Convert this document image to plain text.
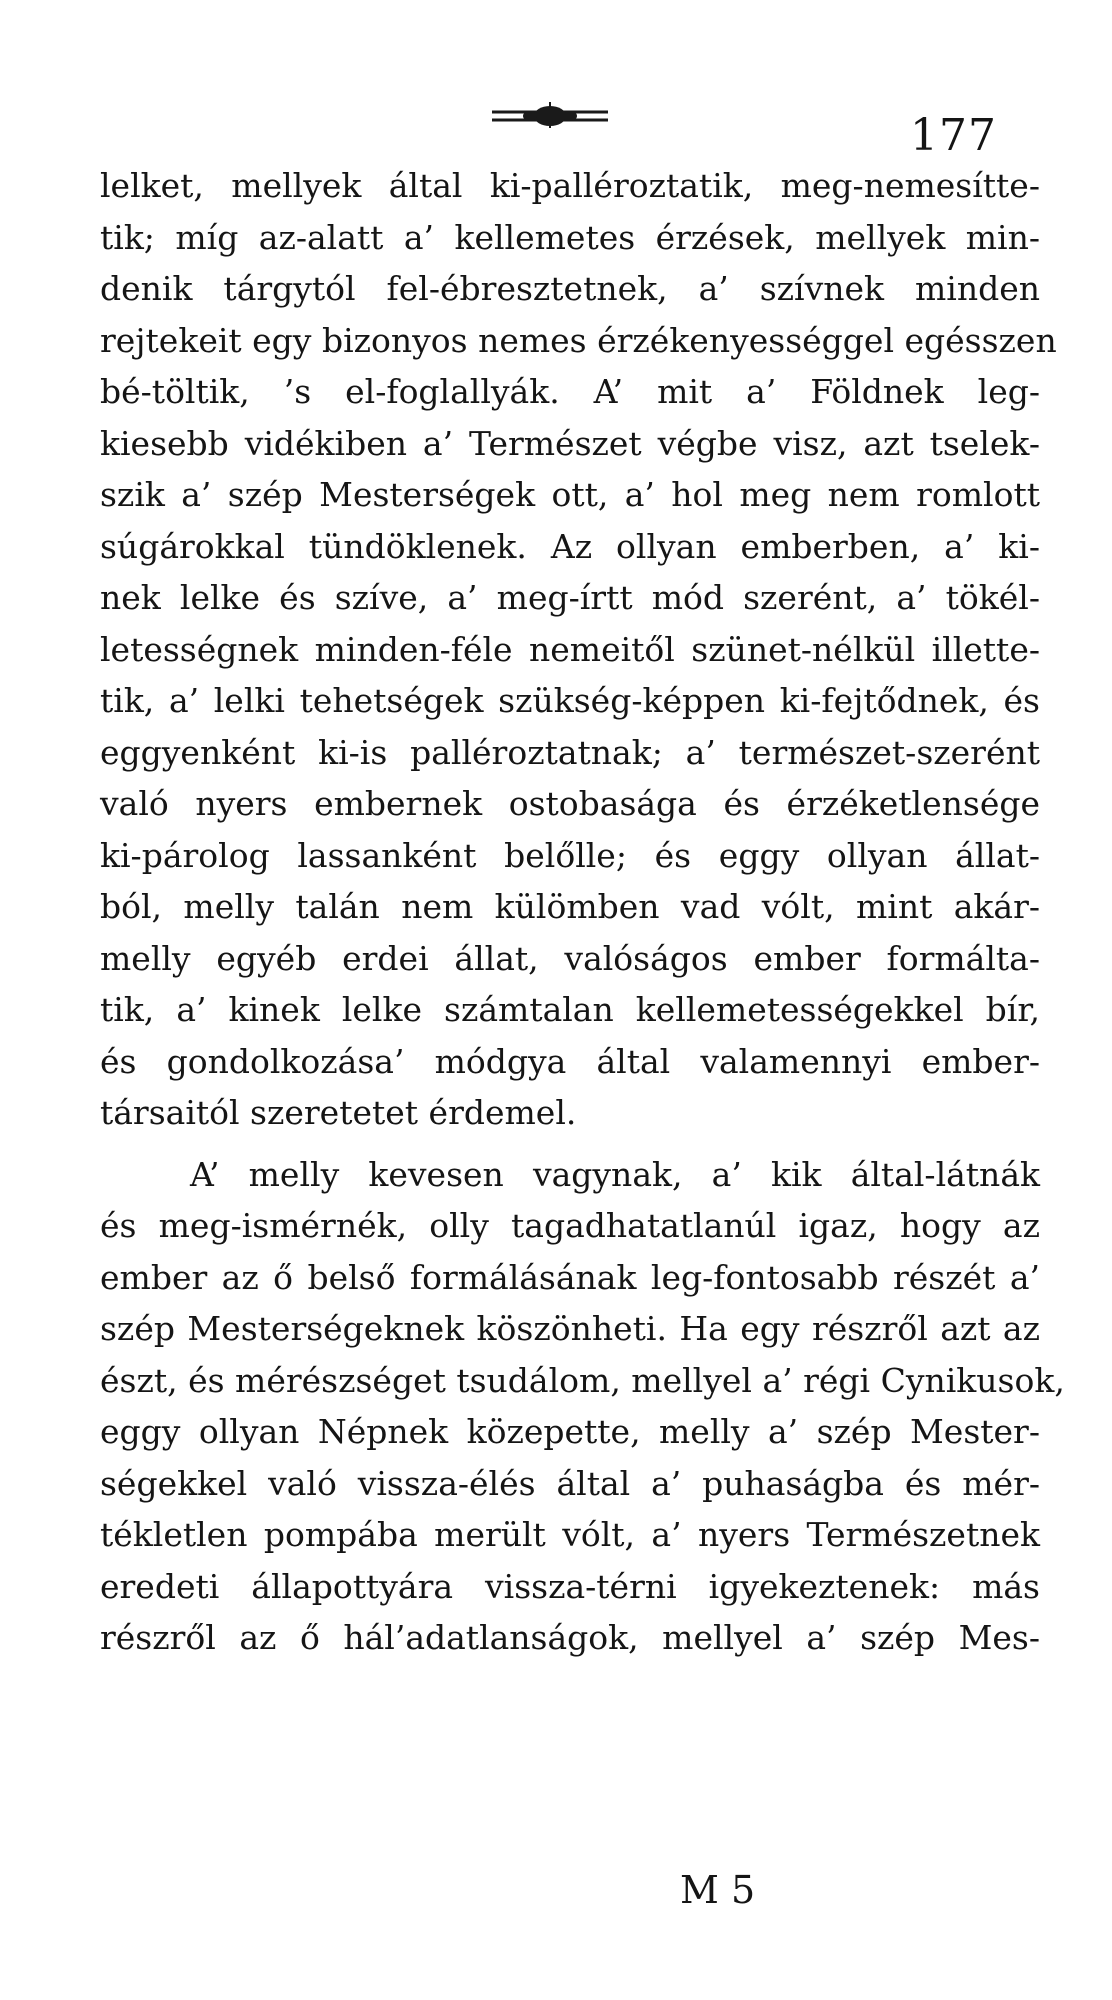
177
lelket, mellyek által ki-palléroztatik, meg-nemesítte-
tik; míg az-alatt a’ kellemetes érzések, mellyek min-
denik tárgytól fel-ébresztetnek, a’ szívnek minden
rejtekeit egy bizonyos nemes érzékenyességgel egésszen
bé-töltik, ’s el-foglallyák. A’ mit a’ Földnek leg-
kiesebb vidékiben a’ Természet végbe visz, azt tselek-
szik a’ szép Mesterségek ott, a’ hol meg nem romlott
súgárokkal tündöklenek. Az ollyan emberben, a’ ki-
nek lelke és szíve, a’ meg-írtt mód szerént, a’ tökél-
letességnek minden-féle nemeitől szünet-nélkül illette-
tik, a’ lelki tehetségek szükség-képpen ki-fejtődnek, és
eggyenként ki-is palléroztatnak; a’ természet-szerént
való nyers embernek ostobasága és érzéketlensége
ki-párolog lassanként belőlle; és eggy ollyan állat-
ból, melly talán nem külömben vad vólt, mint akár-
melly egyéb erdei állat, valóságos ember formálta-
tik, a’ kinek lelke számtalan kellemetességekkel bír,
és gondolkozása’ módgya által valamennyi ember-
társaitól szeretetet érdemel.
A’ melly kevesen vagynak, a’ kik által-látnák
és meg-ismérnék, olly tagadhatatlanúl igaz, hogy az
ember az ő belső formálásának leg-fontosabb részét a’
szép Mesterségeknek köszönheti. Ha egy részről azt az
észt, és mérészséget tsudálom, mellyel a’ régi Cynikusok,
eggy ollyan Népnek közepette, melly a’ szép Mester-
ségekkel való vissza-élés által a’ puhaságba és mér-
tékletlen pompába merült vólt, a’ nyers Természetnek
eredeti állapottyára vissza-térni igyekeztenek: más
részről az ő hál’adatlanságok, mellyel a’ szép Mes-
M 5
